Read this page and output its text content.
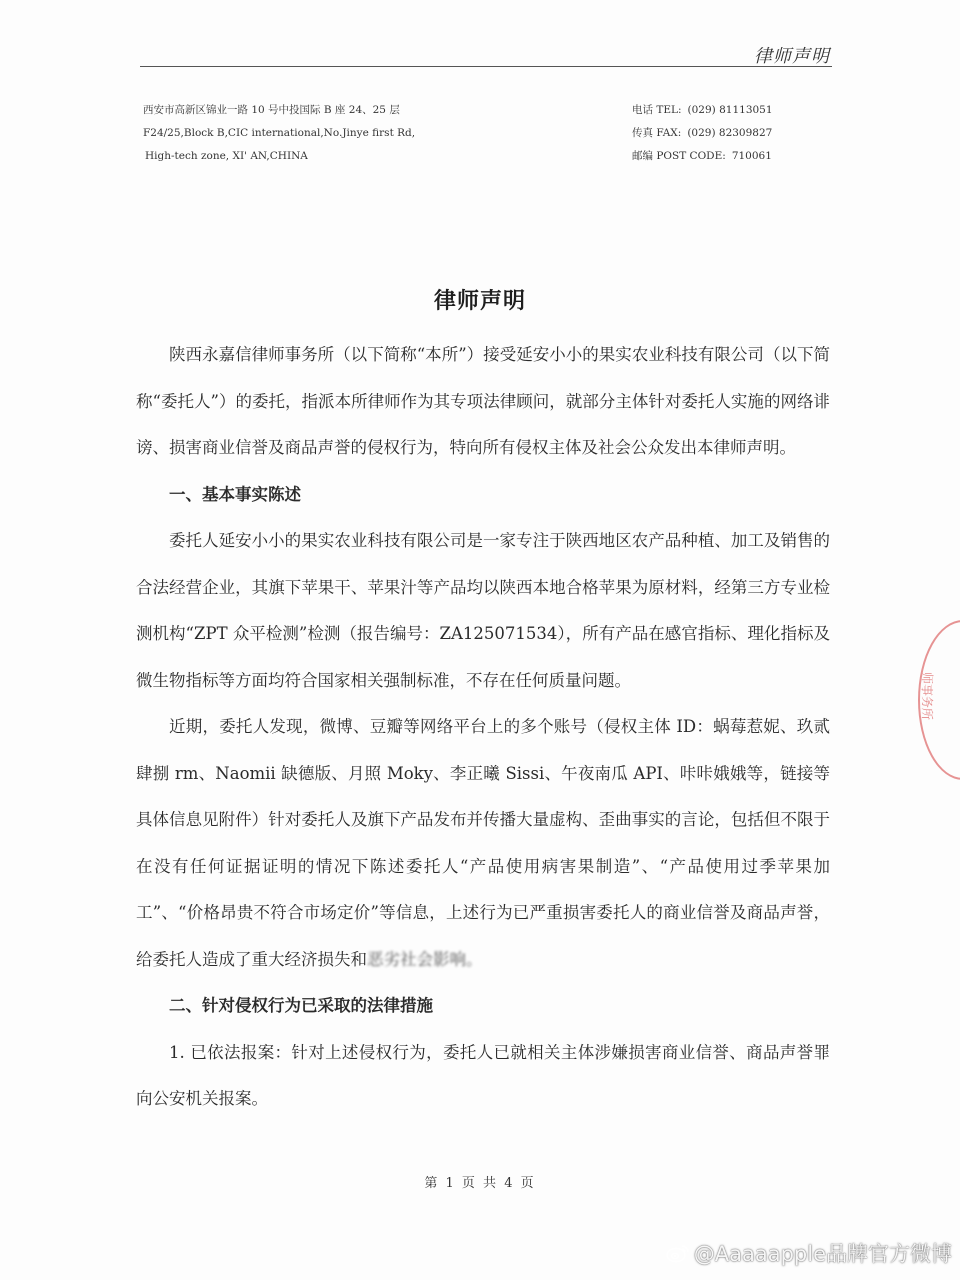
律师声明
西安市高新区锦业一路 10 号中投国际 B 座 24、25 层
F24/25,Block B,CIC international,No.Jinye first Rd,
High-tech zone, XI' AN,CHINA
电话 TEL: (029) 81113051
传真 FAX: (029) 82309827
邮编 POST CODE: 710061
律师声明

陕西永嘉信律师事务所（以下简称“本所”）接受延安小小的果实农业科技有限公司（以下简称“委托人”）的委托，指派本所律师作为其专项法律顾问，就部分主体针对委托人实施的网络诽谤、损害商业信誉及商品声誉的侵权行为，特向所有侵权主体及社会公众发出本律师声明。

一、基本事实陈述

委托人延安小小的果实农业科技有限公司是一家专注于陕西地区农产品种植、加工及销售的合法经营企业，其旗下苹果干、苹果汁等产品均以陕西本地合格苹果为原材料，经第三方专业检测机构“ZPT 众平检测”检测（报告编号：ZA125071534），所有产品在感官指标、理化指标及微生物指标等方面均符合国家相关强制标准，不存在任何质量问题。

近期，委托人发现，微博、豆瓣等网络平台上的多个账号（侵权主体 ID：蜗莓惹妮、玖贰肆捌 rm、Naomii 缺德版、月照 Moky、李正曦 Sissi、午夜南瓜 API、咔咔娥娥等，链接等具体信息见附件）针对委托人及旗下产品发布并传播大量虚构、歪曲事实的言论，包括但不限于在没有任何证据证明的情况下陈述委托人“产品使用病害果制造”、“产品使用过季苹果加工”、“价格昂贵不符合市场定价”等信息，上述行为已严重损害委托人的商业信誉及商品声誉，给委托人造成了重大经济损失和恶劣社会影响。

二、针对侵权行为已采取的法律措施

1. 已依法报案：针对上述侵权行为，委托人已就相关主体涉嫌损害商业信誉、商品声誉罪向公安机关报案。

第 1 页 共 4 页
师事务所
@Aaaaapple品牌官方微博
